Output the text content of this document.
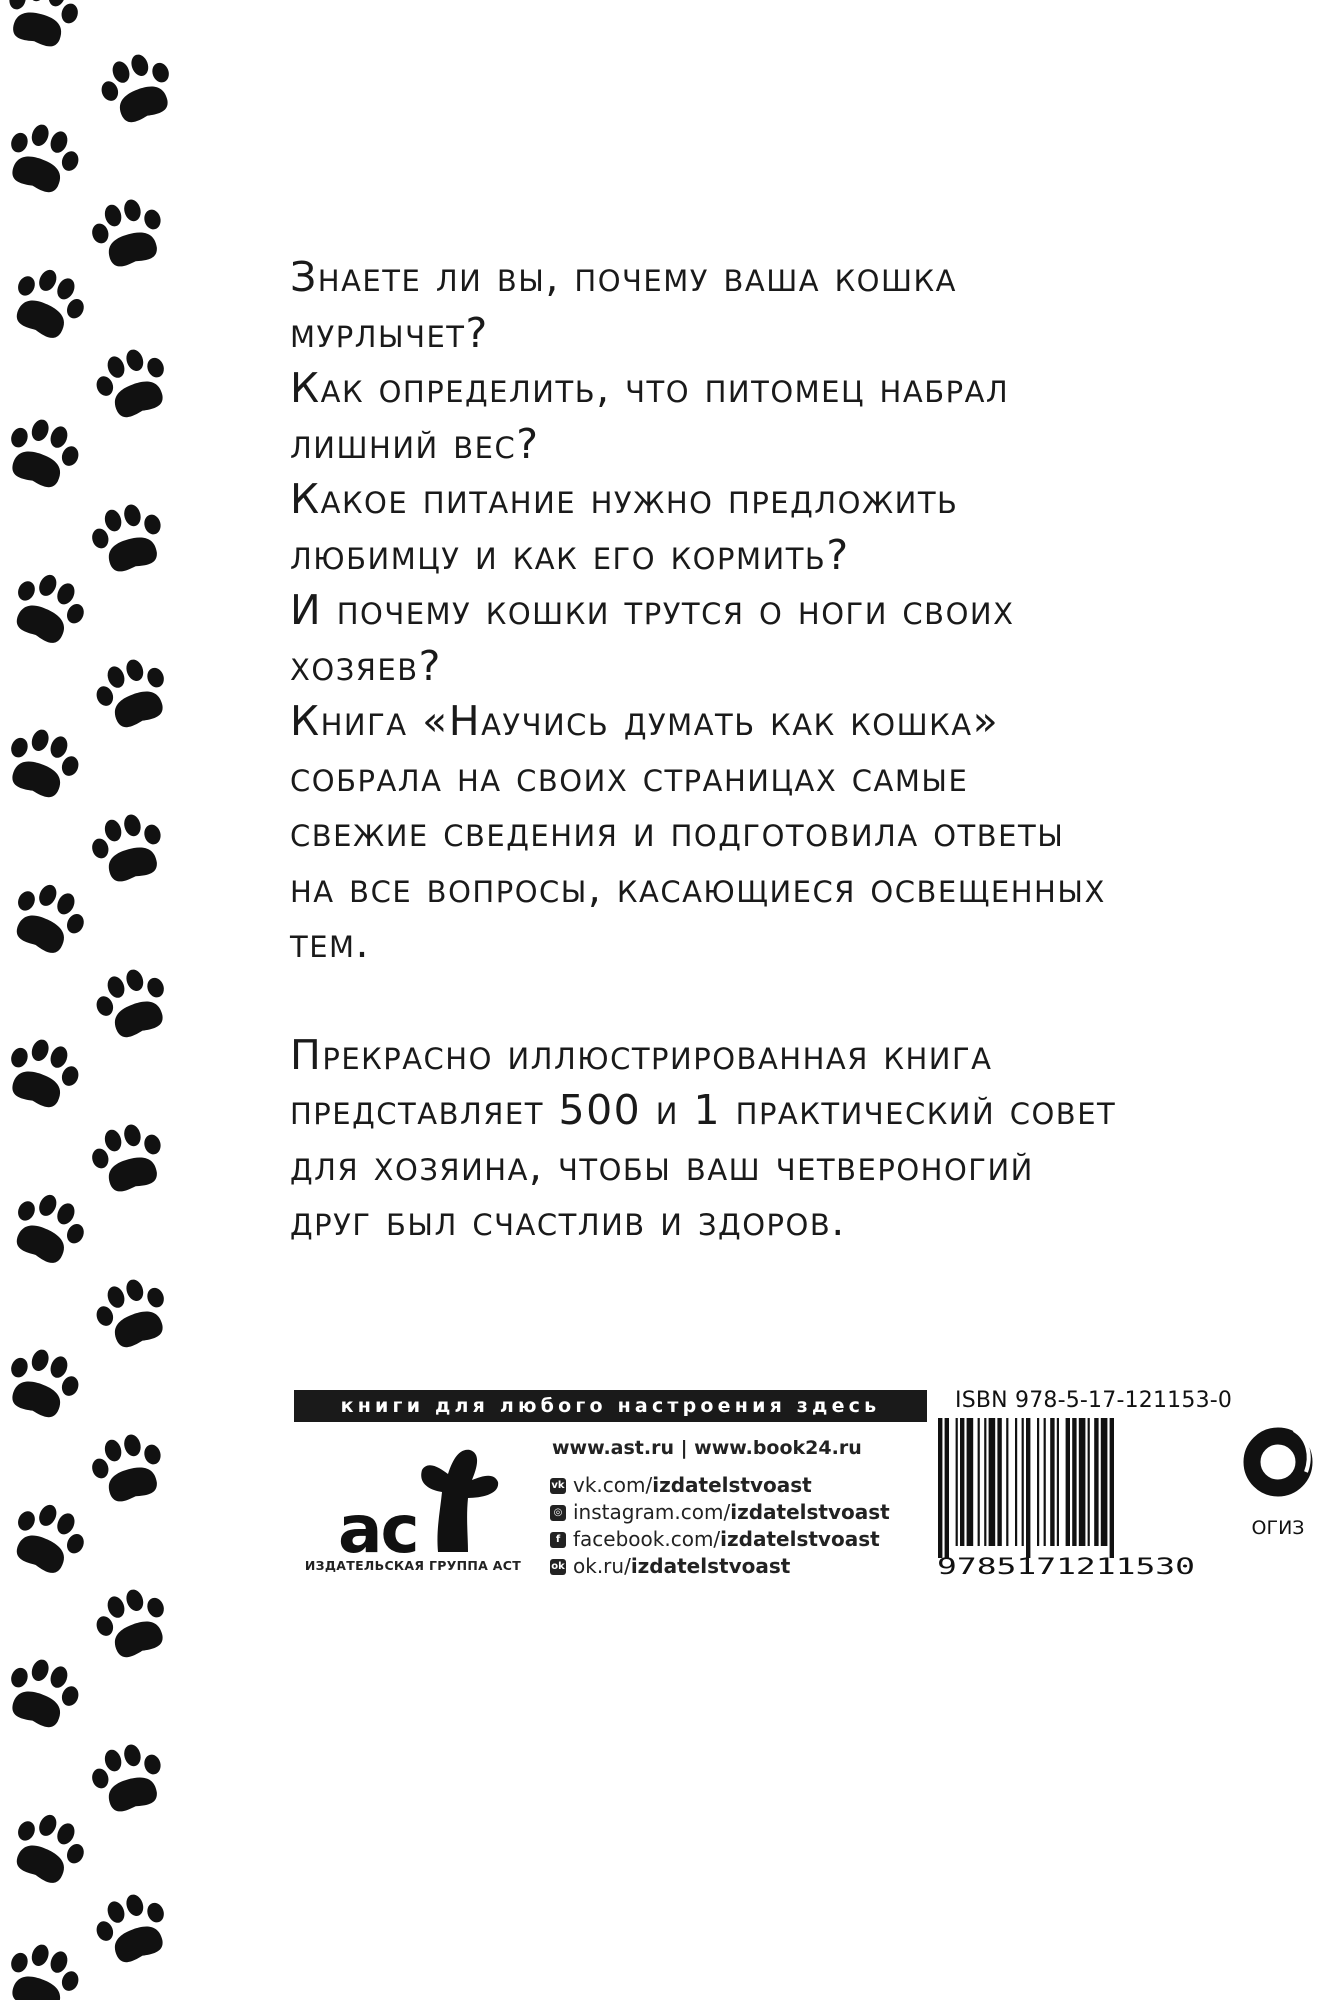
Знаете ли вы, почему ваша кошка

мурлычет?

Как определить, что питомец набрал

лишний вес?

Какое питание нужно предложить

любимцу и как его кормить?

И почему кошки трутся о ноги своих

хозяев?

Книга «Научись думать как кошка»

собрала на своих страницах самые

свежие сведения и подготовила ответы

на все вопросы, касающиеся освещенных

тем.

Прекрасно иллюстрированная книга

представляет 500 и 1 практический совет

для хозяина, чтобы ваш четвероногий

друг был счастлив и здоров.

книги для любого настроения здесь
ас
ИЗДАТЕЛЬСКАЯ ГРУППА АСТ
www.ast.ru | www.book24.ru
vk vk.com/ izdatelstvoast
◎ instagram.com/ izdatelstvoast
f facebook.com/ izdatelstvoast
ok ok.ru/ izdatelstvoast
ISBN 978-5-17-121153-0
9785171211530
ОГИЗ
